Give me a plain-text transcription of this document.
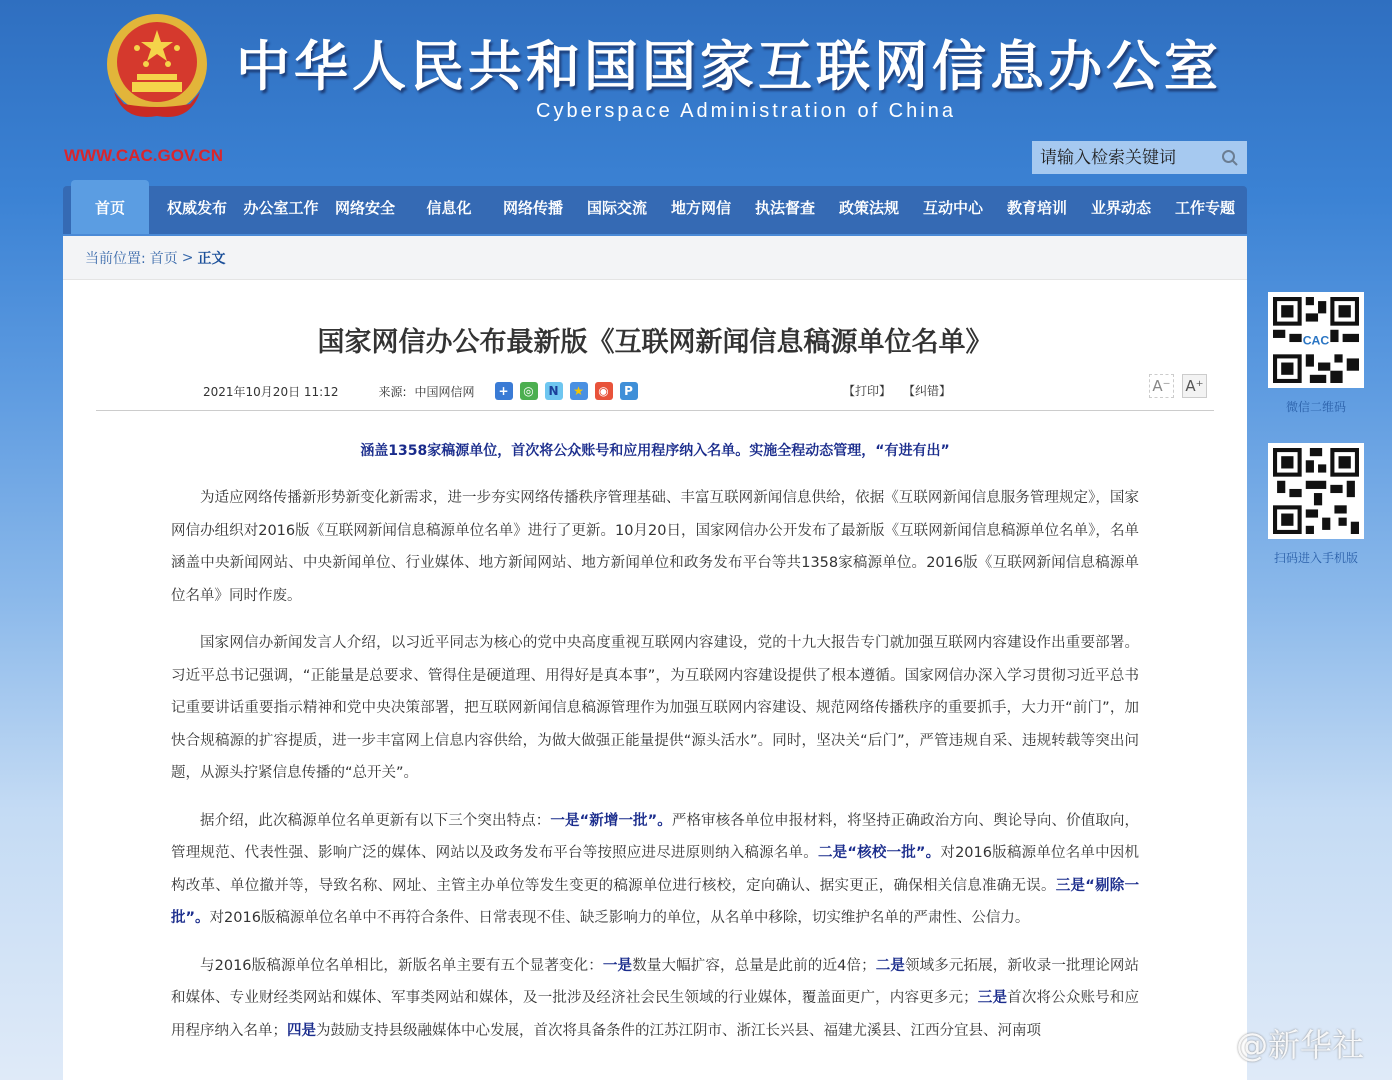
中华人民共和国国家互联网信息办公室
Cyberspace Administration of China
WWW.CAC.GOV.CN
请输入检索关键词
首页	权威发布	办公室工作	网络安全	信息化	网络传播	国际交流	地方网信	执法督查	政策法规	互动中心	教育培训	业界动态	工作专题
当前位置: 首页 > 正文
国家网信办公布最新版《互联网新闻信息稿源单位名单》
2021年10月20日 11:12	来源: 中国网信网	+	◎	N	★	◉	P	【打印】 【纠错】	A⁻ A⁺
涵盖1358家稿源单位，首次将公众账号和应用程序纳入名单。实施全程动态管理，“有进有出”

为适应网络传播新形势新变化新需求，进一步夯实网络传播秩序管理基础、丰富互联网新闻信息供给，依据《互联网新闻信息服务管理规定》，国家网信办组织对2016版《互联网新闻信息稿源单位名单》进行了更新。10月20日，国家网信办公开发布了最新版《互联网新闻信息稿源单位名单》，名单涵盖中央新闻网站、中央新闻单位、行业媒体、地方新闻网站、地方新闻单位和政务发布平台等共1358家稿源单位。2016版《互联网新闻信息稿源单位名单》同时作废。

国家网信办新闻发言人介绍，以习近平同志为核心的党中央高度重视互联网内容建设，党的十九大报告专门就加强互联网内容建设作出重要部署。习近平总书记强调，“正能量是总要求、管得住是硬道理、用得好是真本事”，为互联网内容建设提供了根本遵循。国家网信办深入学习贯彻习近平总书记重要讲话重要指示精神和党中央决策部署，把互联网新闻信息稿源管理作为加强互联网内容建设、规范网络传播秩序的重要抓手，大力开“前门”，加快合规稿源的扩容提质，进一步丰富网上信息内容供给，为做大做强正能量提供“源头活水”。同时，坚决关“后门”，严管违规自采、违规转载等突出问题，从源头拧紧信息传播的“总开关”。

据介绍，此次稿源单位名单更新有以下三个突出特点：一是“新增一批”。严格审核各单位申报材料，将坚持正确政治方向、舆论导向、价值取向，管理规范、代表性强、影响广泛的媒体、网站以及政务发布平台等按照应进尽进原则纳入稿源名单。二是“核校一批”。对2016版稿源单位名单中因机构改革、单位撤并等，导致名称、网址、主管主办单位等发生变更的稿源单位进行核校，定向确认、据实更正，确保相关信息准确无误。三是“剔除一批”。对2016版稿源单位名单中不再符合条件、日常表现不佳、缺乏影响力的单位，从名单中移除，切实维护名单的严肃性、公信力。

与2016版稿源单位名单相比，新版名单主要有五个显著变化：一是数量大幅扩容，总量是此前的近4倍；二是领域多元拓展，新收录一批理论网站和媒体、专业财经类网站和媒体、军事类网站和媒体，及一批涉及经济社会民生领域的行业媒体，覆盖面更广，内容更多元；三是首次将公众账号和应用程序纳入名单；四是为鼓励支持县级融媒体中心发展，首次将具备条件的江苏江阴市、浙江长兴县、福建尤溪县、江西分宜县、河南项

CAC
微信二维码
扫码进入手机版
@新华社
